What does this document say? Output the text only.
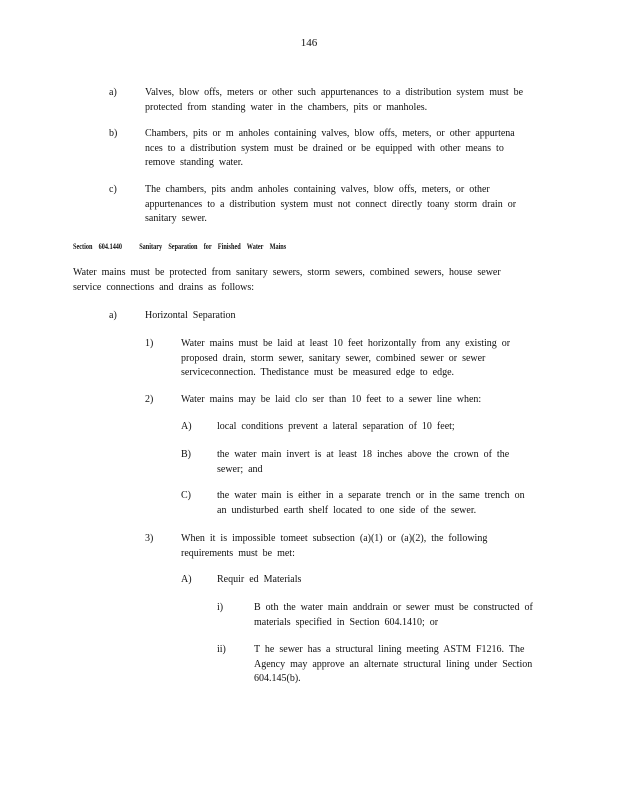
146
a)	Valves, blow offs, meters or other such appurtenances to a distribution system must be protected from standing water in the chambers, pits or manholes.
b)	Chambers, pits or m anholes containing valves, blow offs, meters, or other appurtena nces to a distribution system must be drained or be equipped with other means to remove standing water.
c)	The chambers, pits andm anholes containing valves, blow offs, meters, or other appurtenances to a distribution system must not connect directly toany storm drain or sanitary sewer.
Section 604.1440 Sanitary Separation for Finished Water Mains
Water mains must be protected from sanitary sewers, storm sewers, combined sewers, house sewer service connections and drains as follows:
a)	Horizontal Separation
1)	Water mains must be laid at least 10 feet horizontally from any existing or proposed drain, storm sewer, sanitary sewer, combined sewer or sewer serviceconnection. Thedistance must be measured edge to edge.
2)	Water mains may be laid clo ser than 10 feet to a sewer line when:
A)	local conditions prevent a lateral separation of 10 feet;
B)	the water main invert is at least 18 inches above the crown of the sewer; and
C)	the water main is either in a separate trench or in the same trench on an undisturbed earth shelf located to one side of the sewer.
3)	When it is impossible tomeet subsection (a)(1) or (a)(2), the following requirements must be met:
A)	Requir ed Materials
i)	B oth the water main anddrain or sewer must be constructed of materials specified in Section 604.1410; or
ii)	T he sewer has a structural lining meeting ASTM F1216. The Agency may approve an alternate structural lining under Section 604.145(b).
